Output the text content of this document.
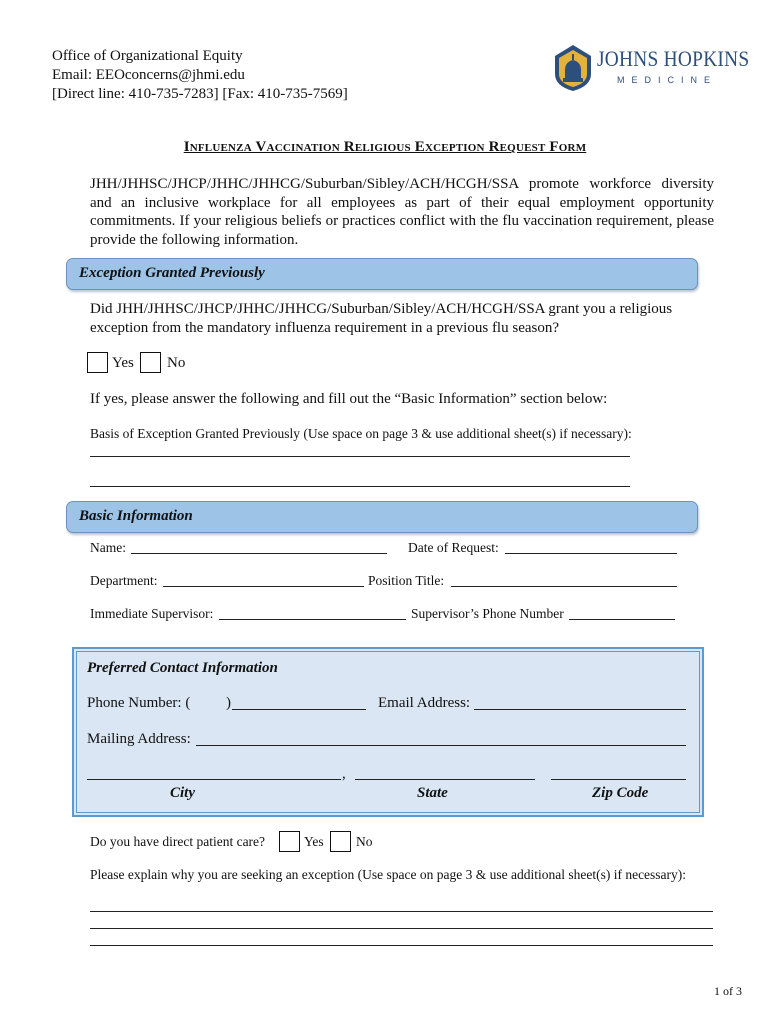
Office of Organizational Equity
Email: EEOconcerns@jhmi.edu
[Direct line: 410-735-7283] [Fax: 410-735-7569]
JOHNS HOPKINS
MEDICINE
Influenza Vaccination Religious Exception Request Form
JHH/JHHSC/JHCP/JHHC/JHHCG/Suburban/Sibley/ACH/HCGH/SSA promote workforce diversity and an inclusive workplace for all employees as part of their equal employment opportunity commitments. If your religious beliefs or practices conflict with the flu vaccination requirement, please provide the following information.
Exception Granted Previously
Did JHH/JHHSC/JHCP/JHHC/JHHCG/Suburban/Sibley/ACH/HCGH/SSA grant you a religious exception from the mandatory influenza requirement in a previous flu season?
Yes No
If yes, please answer the following and fill out the “Basic Information” section below:
Basis of Exception Granted Previously (Use space on page 3 & use additional sheet(s) if necessary):
Basic Information
Name:	Date of Request:
Department:	Position Title:
Immediate Supervisor:	Supervisor’s Phone Number
Preferred Contact Information
Phone Number: ( )	Email Address:
Mailing Address:
,
City	State	Zip Code
Do you have direct patient care?	Yes No
Please explain why you are seeking an exception (Use space on page 3 & use additional sheet(s) if necessary):
1 of 3
